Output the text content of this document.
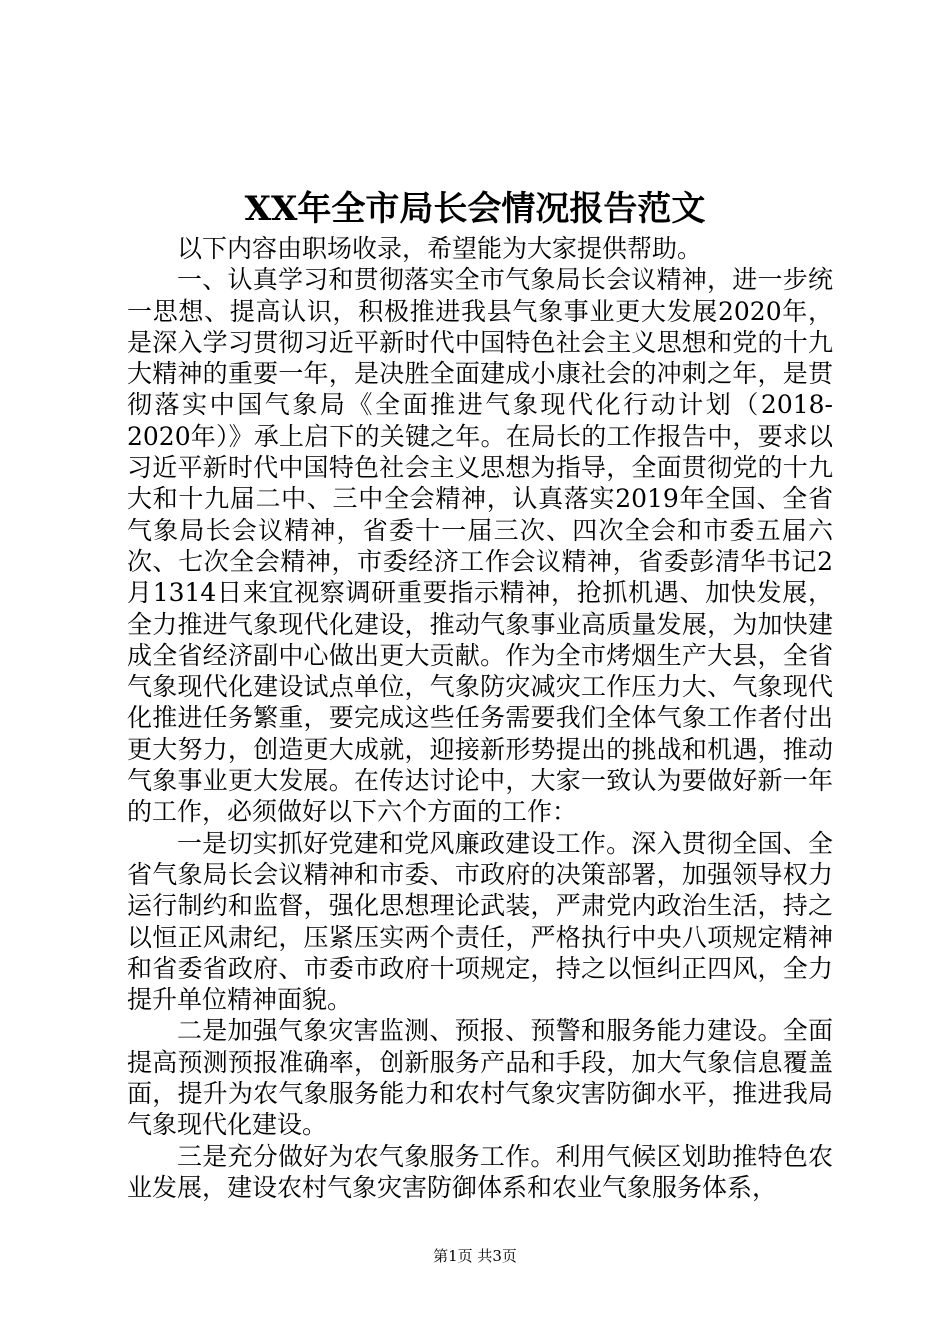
XX年全市局长会情况报告范文

以下内容由职场收录，希望能为大家提供帮助。

一、认真学习和贯彻落实全市气象局长会议精神，进一步统一思想、提高认识，积极推进我县气象事业更大发展2020年，是深入学习贯彻习近平新时代中国特色社会主义思想和党的十九大精神的重要一年，是决胜全面建成小康社会的冲刺之年，是贯彻落实中国气象局《全面推进气象现代化行动计划（2018-2020年）》承上启下的关键之年。在局长的工作报告中，要求以习近平新时代中国特色社会主义思想为指导，全面贯彻党的十九大和十九届二中、三中全会精神，认真落实2019年全国、全省气象局长会议精神，省委十一届三次、四次全会和市委五届六次、七次全会精神，市委经济工作会议精神，省委彭清华书记2月1314日来宜视察调研重要指示精神，抢抓机遇、加快发展，全力推进气象现代化建设，推动气象事业高质量发展，为加快建成全省经济副中心做出更大贡献。作为全市烤烟生产大县，全省气象现代化建设试点单位，气象防灾减灾工作压力大、气象现代化推进任务繁重，要完成这些任务需要我们全体气象工作者付出更大努力，创造更大成就，迎接新形势提出的挑战和机遇，推动气象事业更大发展。在传达讨论中，大家一致认为要做好新一年的工作，必须做好以下六个方面的工作：

一是切实抓好党建和党风廉政建设工作。深入贯彻全国、全省气象局长会议精神和市委、市政府的决策部署，加强领导权力运行制约和监督，强化思想理论武装，严肃党内政治生活，持之以恒正风肃纪，压紧压实两个责任，严格执行中央八项规定精神和省委省政府、市委市政府十项规定，持之以恒纠正四风，全力提升单位精神面貌。

二是加强气象灾害监测、预报、预警和服务能力建设。全面提高预测预报准确率，创新服务产品和手段，加大气象信息覆盖面，提升为农气象服务能力和农村气象灾害防御水平，推进我局气象现代化建设。

三是充分做好为农气象服务工作。利用气候区划助推特色农业发展，建设农村气象灾害防御体系和农业气象服务体系，

第1页 共3页
